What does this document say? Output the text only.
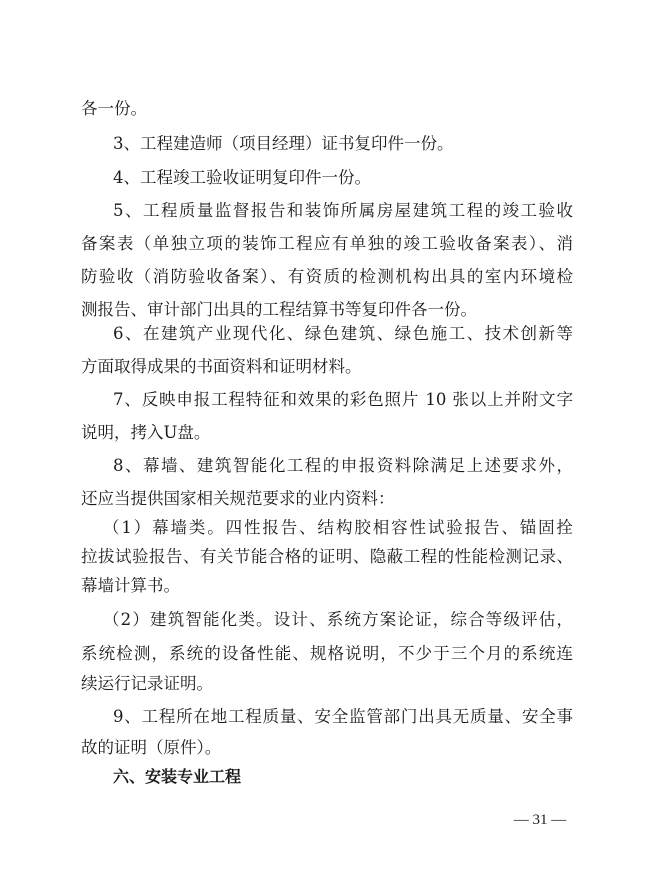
各一份。
3、工程建造师（项目经理）证书复印件一份。
4、工程竣工验收证明复印件一份。
5、工程质量监督报告和装饰所属房屋建筑工程的竣工验收
备案表（单独立项的装饰工程应有单独的竣工验收备案表）、消
防验收（消防验收备案）、有资质的检测机构出具的室内环境检
测报告、审计部门出具的工程结算书等复印件各一份。
6、在建筑产业现代化、绿色建筑、绿色施工、技术创新等
方面取得成果的书面资料和证明材料。
7、反映申报工程特征和效果的彩色照片 10 张以上并附文字
说明，拷入U盘。
8、幕墙、建筑智能化工程的申报资料除满足上述要求外，
还应当提供国家相关规范要求的业内资料：
（1）幕墙类。四性报告、结构胶相容性试验报告、锚固拴
拉拔试验报告、有关节能合格的证明、隐蔽工程的性能检测记录、
幕墙计算书。
（2）建筑智能化类。设计、系统方案论证，综合等级评估，
系统检测，系统的设备性能、规格说明，不少于三个月的系统连
续运行记录证明。
9、工程所在地工程质量、安全监管部门出具无质量、安全事
故的证明（原件）。
六、安装专业工程
— 31 —
